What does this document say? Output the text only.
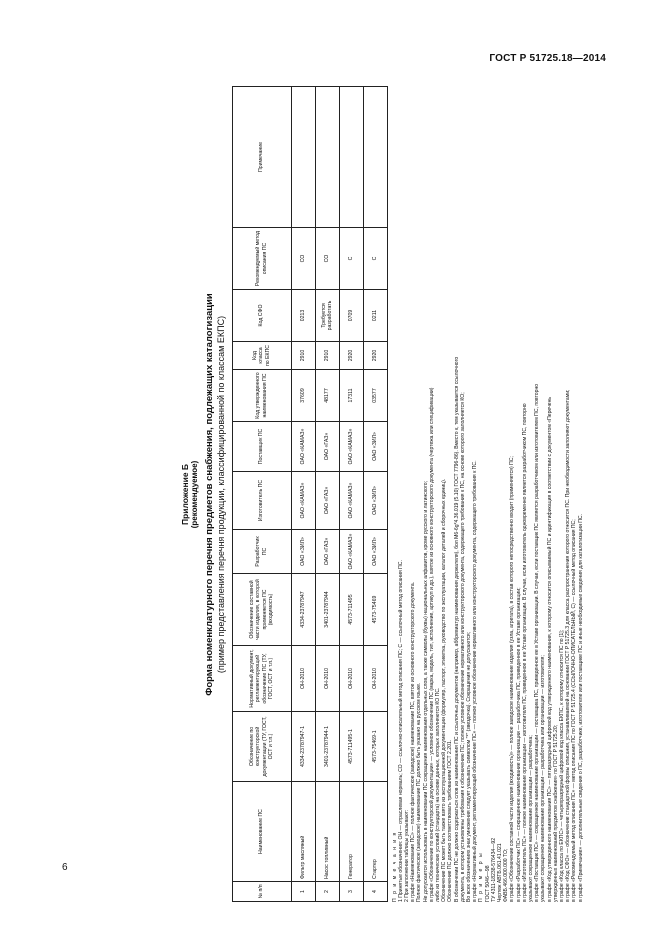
ГОСТ Р 51725.18—2014
6
Приложение Б (рекомендуемое) Форма номенклатурного перечня предметов снабжения, подлежащих каталогизации (пример представления перечня продукции, классифицированной по классам ЕКПС)
№ п/п	Наименование ПС	Обозначение по конструкторской документации (ТУ, ГОСТ, ОСТ и т.п.)	Нормативный документ, регламентирующий обозначение ПС (ТУ, ГОСТ, ОСТ и т.п.)	Обозначение составной части изделия, в которой применяется ПС (входимость)	Разработчик ПС	Изготовитель ПС	Поставщик ПС	Код утвержденного наименования ПС	Код класса по ЕКПС	Код СФО	Рекомендуемый метод описания ПС	Примечание
1	Фильтр масляный	4334-23787947-1	ОН-2010	4334-23787947	ОАО «ЗИЛ»	ОАО «КАМАЗ»	ОАО «КАМАЗ»	37609	2910	0213	СО	
2	Насос топливный	3401-23787944-1	ОН-2010	3401-23787944	ОАО «ГАЗ»	ОАО «ГАЗ»	ОАО «ГАЗ»	48177	2910	Требуется разработать	СО	
3	Генератор	4573-711495-1	ОН-2010	4573-711495	ОАО «КАМАЗ»	ОАО «КАМАЗ»	ОАО «КАМАЗ»	17311	2920	0709	С	
4	Стартер	4573-75469-1	ОН-2010	4573-75469	ОАО «ЗИЛ»	ОАО «ЗИЛ»	ОАО «ЗИЛ»	03577	2920	0211	С	

П р и м е ч а н и я 1 Принятые обозначения: ОН — отраслевая нормаль; СО — ссылочно-описательный метод описания ПС; С — ссылочный метод описания ПС. 2 При заполнении таблицы указывают: в графе «Наименование ПС» — полное фактическое (заводское) наименование ПС, взятое из основного конструкторского документа. Полное фактическое (заводское) наименование ПС должно быть указано на русском языке. Не допускается использовать в наименовании ПС сокращения наименования отдельных слов, а также символы (буквы) национальных алфавитов, кроме русского и латинского; в графе «Обозначение по конструкторской документации» — условное обозначение ПС (марка, модель, тип, исполнение, артикул и др.), взятое из основного конструкторского документа (чертежа или спецификации) либо из технических условий (стандарта) на основе данных, которых заполняются КО ПС. Обозначение ПС может быть также взято из эксплуатационной документации (формуляр, паспорт, этикетка, руководство по эксплуатации, каталог деталей и сборочных единиц). Обозначение ПС должно соответствовать требованиям ГОСТ 2.201. В обозначении ПС не должно содержаться слов из наименования ПС и ссылочных документов (например, аббревиатур наименования держателя), бол М6-6g*4.36.019 (5.10) ГОСТ 7796-86). Вместо к, тем указывается ссылочного документа, в котором установлены требования к обозначению ПС; полное условное обозначение нормативного или конструкторского документа, содержащего требования к ПС, на основе которого заполняется КО; Во всех обозначениях знак умножения следует указывать символом "*" (звездочка). Сокращения не допускаются; в графе «Нормативный документ, регламентирующий обозначение ПС» — полное условное обозначение нормативного или конструкторского документа, содержащего требования к ПС. П р и м е р ы ГОСТ 5046—98 ТУ 4311-18238-576434—92 Чертеж АВТБ.061.41.021 ФАВБ.466.000.000 ТО; в графе «Обозначение составной части изделия (входимость)» — полное заводское наименование изделия (узла, агрегата), в состав которого непосредственно входит (применяется) ПС; в графе «Разработчик ПС» — сокращенное наименование организации — разработчика ПС, приведенное в ее Уставе организации; в графе «Изготовитель ПС» — полное наименование организации — изготовителя ПС, приведенное в ее Уставе организации. В случае, если изготовитель одновременно является разработчиком ПС, повторно указывают сокращенное наименование организации — разработчика; в графе «Поставщик ПС» — сокращенное наименование организации — поставщика ПС, приведенное ее в Уставе организации. В случае, если поставщик ПС является разработчиком или изготовителем ПС, повторно указывают сокращенное наименование организации — разработчика или организации — изготовителя; в графе «Код утвержденного наименования ПС» — пятиразрядный цифровой код утвержденного наименования, к которому относится описываемый ПС и идентификация в соответствии с документом «Перечень утвержденных наименований предметов снабжения» по ГОСТ Р 51725.20; в графе «Код класса по ЕКПС» — четырехразрядный цифровой код класса ЕКПС, к которому относится ПС по [1]; в графе «Код СФО» — обозначение стандартной формы описания, устанавливаемой на основании ГОСТ Р 51725.3 для класса распространения которого относится ПС. При необходимости заполняют документами; в графе «Рекомендуемый метод описания ПС» — метод описания ПС по ГОСТ Р 51725.4 (ССЫЛОЧНО-ОПИСАТЕЛЬНЫЙ, С) — ссылочный метод описания ПС; в графе «Примечание» — дополнительные сведения о ПС, разработчике, изготовителе или поставщике ПС и иные необходимые сведения для каталогизации ПС.
